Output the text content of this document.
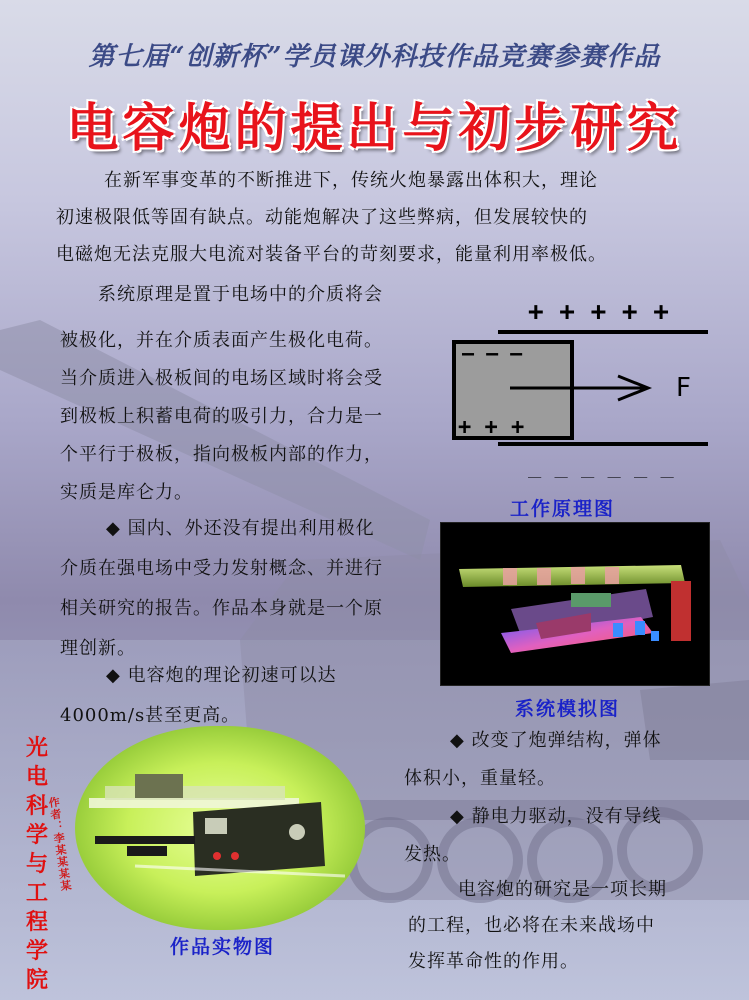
第七届“创新杯”学员课外科技作品竞赛参赛作品
电容炮的提出与初步研究
在新军事变革的不断推进下，传统火炮暴露出体积大，理论
初速极限低等固有缺点。动能炮解决了这些弊病，但发展较快的
电磁炮无法克服大电流对装备平台的苛刻要求，能量利用率极低。
系统原理是置于电场中的介质将会
被极化，并在介质表面产生极化电荷。
当介质进入极板间的电场区域时将会受
到极板上积蓄电荷的吸引力，合力是一
个平行于极板，指向极板内部的作力，
实质是库仑力。
◆ 国内、外还没有提出利用极化
介质在强电场中受力发射概念、并进行
相关研究的报告。作品本身就是一个原
理创新。
◆ 电容炮的理论初速可以达
4000m/s甚至更高。
+ + + + +
— — —
+ + +
F
_ _ _ _ _ _
工作原理图
系统模拟图
◆ 改变了炮弹结构，弹体
体积小，重量轻。
◆ 静电力驱动，没有导线
发热。
电容炮的研究是一项长期
的工程，也必将在未来战场中
发挥革命性的作用。
作品实物图
光电科学与工程学院
作者：李某某某某
